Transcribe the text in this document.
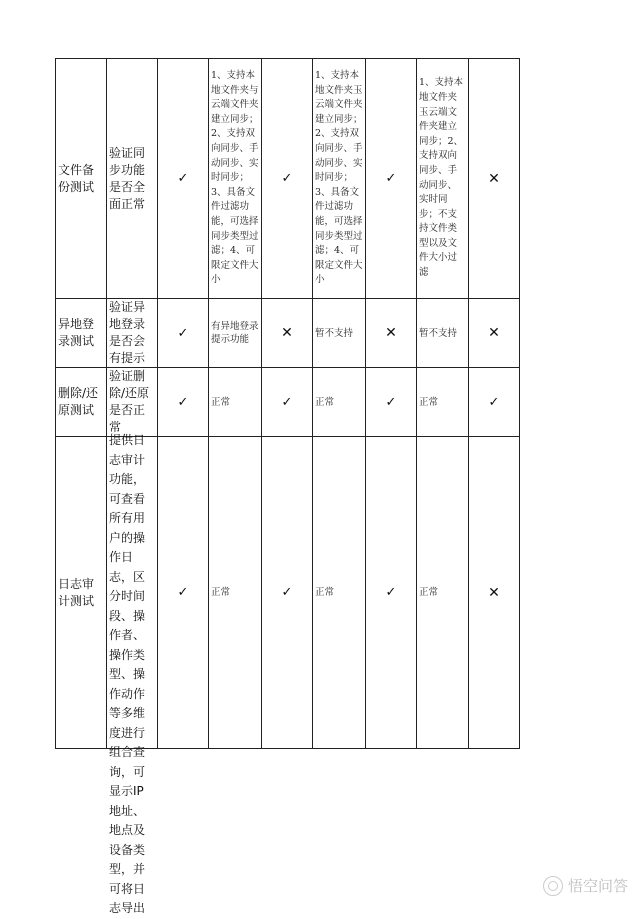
文件备份测试	验证同步功能是否全面正常	✓	1、支持本地文件夹与云端文件夹建立同步；2、支持双向同步、手动同步、实时同步；3、具备文件过滤功能，可选择同步类型过滤；4、可限定文件大小	✓	1、支持本地文件夹玉云端文件夹建立同步；2、支持双向同步、手动同步、实时同步；3、具备文件过滤功能，可选择同步类型过滤；4、可限定文件大小	✓	1、支持本地文件夹玉云端文件夹建立同步；2、支持双向同步、手动同步、实时同步；不支持文件类型以及文件大小过滤	✕
异地登录测试	验证异地登录是否会有提示	✓	有异地登录提示功能	✕	暂不支持	✕	暂不支持	✕
删除/还原测试	验证删除/还原是否正常	✓	正常	✓	正常	✓	正常	✓
日志审计测试	提供日志审计功能，可查看所有用户的操作日志，区分时间段、操作者、操作类型、操作动作等多维度进行组合查询，可显示IP地址、地点及设备类型，并可将日志导出	✓	正常	✓	正常	✓	正常	✕
悟空问答
